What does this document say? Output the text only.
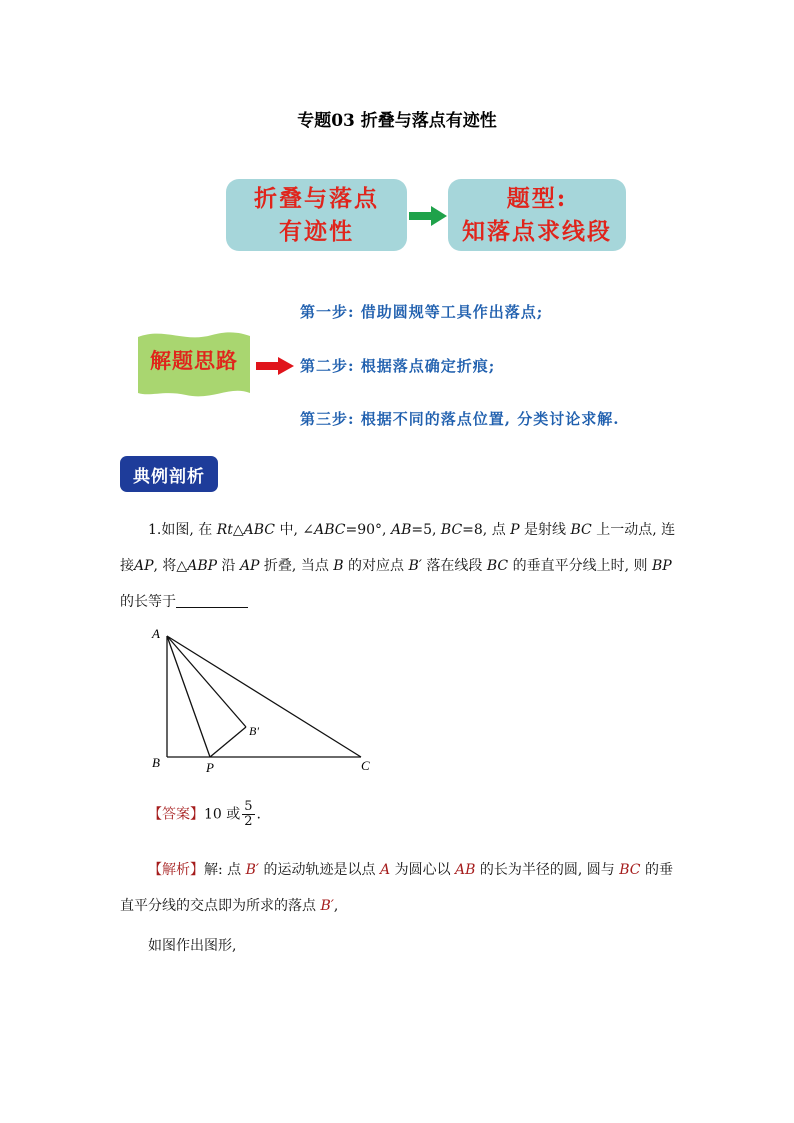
专题03 折叠与落点有迹性
折叠与落点
有迹性
题型:
知落点求线段
解题思路
第一步: 借助圆规等工具作出落点;
第二步: 根据落点确定折痕;
第三步: 根据不同的落点位置, 分类讨论求解.
典例剖析
1.如图, 在 Rt△ABC 中, ∠ABC=90°, AB=5, BC=8, 点 P 是射线 BC 上一动点, 连接AP, 将△ABP 沿 AP 折叠, 当点 B 的对应点 B′ 落在线段 BC 的垂直平分线上时, 则 BP 的长等于
A
B	P	C
B'
【答案】10 或 $\frac{5}{2}$ .
【解析】解: 点 B′ 的运动轨迹是以点 A 为圆心以 AB 的长为半径的圆, 圆与 BC 的垂直平分线的交点即为所求的落点 B′,
如图作出图形,
